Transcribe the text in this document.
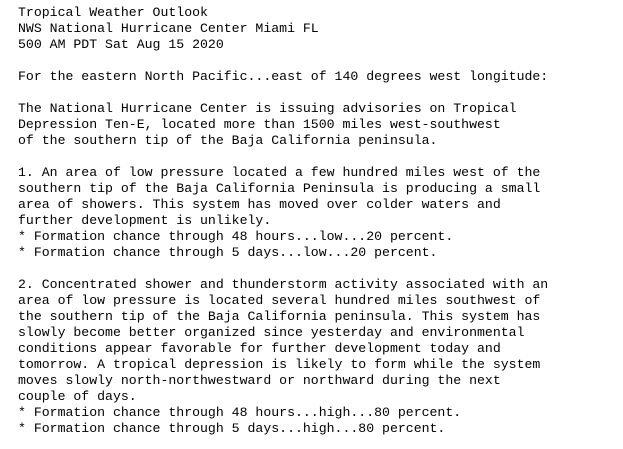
Tropical Weather Outlook
NWS National Hurricane Center Miami FL
500 AM PDT Sat Aug 15 2020
For the eastern North Pacific...east of 140 degrees west longitude:
The National Hurricane Center is issuing advisories on Tropical
Depression Ten-E, located more than 1500 miles west-southwest
of the southern tip of the Baja California peninsula.
1. An area of low pressure located a few hundred miles west of the
southern tip of the Baja California Peninsula is producing a small
area of showers. This system has moved over colder waters and
further development is unlikely.
* Formation chance through 48 hours...low...20 percent.
* Formation chance through 5 days...low...20 percent.
2. Concentrated shower and thunderstorm activity associated with an
area of low pressure is located several hundred miles southwest of
the southern tip of the Baja California peninsula. This system has
slowly become better organized since yesterday and environmental
conditions appear favorable for further development today and
tomorrow. A tropical depression is likely to form while the system
moves slowly north-northwestward or northward during the next
couple of days.
* Formation chance through 48 hours...high...80 percent.
* Formation chance through 5 days...high...80 percent.
